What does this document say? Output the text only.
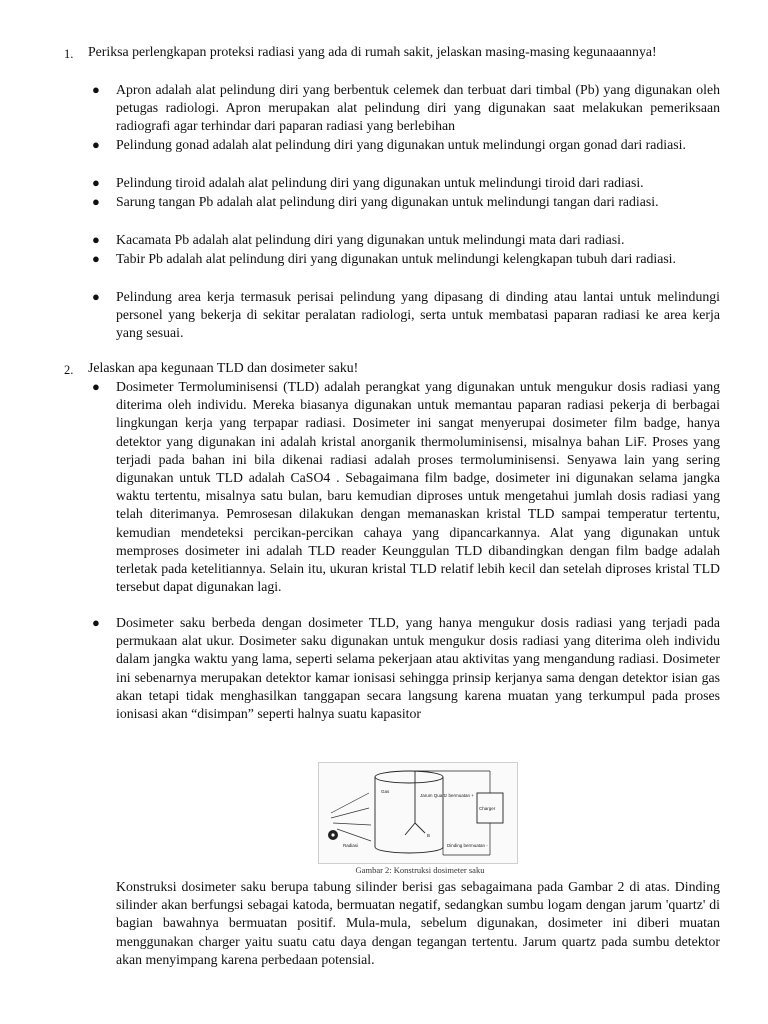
1. Periksa perlengkapan proteksi radiasi yang ada di rumah sakit, jelaskan masing-masing kegunaaannya!
● Apron adalah alat pelindung diri yang berbentuk celemek dan terbuat dari timbal (Pb) yang digunakan oleh petugas radiologi. Apron merupakan alat pelindung diri yang digunakan saat melakukan pemeriksaan radiografi agar terhindar dari paparan radiasi yang berlebihan
● Pelindung gonad adalah alat pelindung diri yang digunakan untuk melindungi organ gonad dari radiasi.
● Pelindung tiroid adalah alat pelindung diri yang digunakan untuk melindungi tiroid dari radiasi.
● Sarung tangan Pb adalah alat pelindung diri yang digunakan untuk melindungi tangan dari radiasi.
● Kacamata Pb adalah alat pelindung diri yang digunakan untuk melindungi mata dari radiasi.
● Tabir Pb adalah alat pelindung diri yang digunakan untuk melindungi kelengkapan tubuh dari radiasi.
● Pelindung area kerja termasuk perisai pelindung yang dipasang di dinding atau lantai untuk melindungi personel yang bekerja di sekitar peralatan radiologi, serta untuk membatasi paparan radiasi ke area kerja yang sesuai.
2. Jelaskan apa kegunaan TLD dan dosimeter saku!
● Dosimeter Termoluminisensi (TLD) adalah perangkat yang digunakan untuk mengukur dosis radiasi yang diterima oleh individu. Mereka biasanya digunakan untuk memantau paparan radiasi pekerja di berbagai lingkungan kerja yang terpapar radiasi. Dosimeter ini sangat menyerupai dosimeter film badge, hanya detektor yang digunakan ini adalah kristal anorganik thermoluminisensi, misalnya bahan LiF. Proses yang terjadi pada bahan ini bila dikenai radiasi adalah proses termoluminisensi. Senyawa lain yang sering digunakan untuk TLD adalah CaSO4 . Sebagaimana film badge, dosimeter ini digunakan selama jangka waktu tertentu, misalnya satu bulan, baru kemudian diproses untuk mengetahui jumlah dosis radiasi yang telah diterimanya. Pemrosesan dilakukan dengan memanaskan kristal TLD sampai temperatur tertentu, kemudian mendeteksi percikan-percikan cahaya yang dipancarkannya. Alat yang digunakan untuk memproses dosimeter ini adalah TLD reader Keunggulan TLD dibandingkan dengan film badge adalah terletak pada ketelitiannya. Selain itu, ukuran kristal TLD relatif lebih kecil dan setelah diproses kristal TLD tersebut dapat digunakan lagi.
● Dosimeter saku berbeda dengan dosimeter TLD, yang hanya mengukur dosis radiasi yang terjadi pada permukaan alat ukur. Dosimeter saku digunakan untuk mengukur dosis radiasi yang diterima oleh individu dalam jangka waktu yang lama, seperti selama pekerjaan atau aktivitas yang mengandung radiasi. Dosimeter ini sebenarnya merupakan detektor kamar ionisasi sehingga prinsip kerjanya sama dengan detektor isian gas akan tetapi tidak menghasilkan tanggapan secara langsung karena muatan yang terkumpul pada proses ionisasi akan “disimpan” seperti halnya suatu kapasitor
Gas
Jarum Quartz bermuatan +
Charger
Radiasi	Dinding bermuatan -
B
Gambar 2: Konstruksi dosimeter saku
Konstruksi dosimeter saku berupa tabung silinder berisi gas sebagaimana pada Gambar 2 di atas. Dinding silinder akan berfungsi sebagai katoda, bermuatan negatif, sedangkan sumbu logam dengan jarum 'quartz' di bagian bawahnya bermuatan positif. Mula-mula, sebelum digunakan, dosimeter ini diberi muatan menggunakan charger yaitu suatu catu daya dengan tegangan tertentu. Jarum quartz pada sumbu detektor akan menyimpang karena perbedaan potensial.
